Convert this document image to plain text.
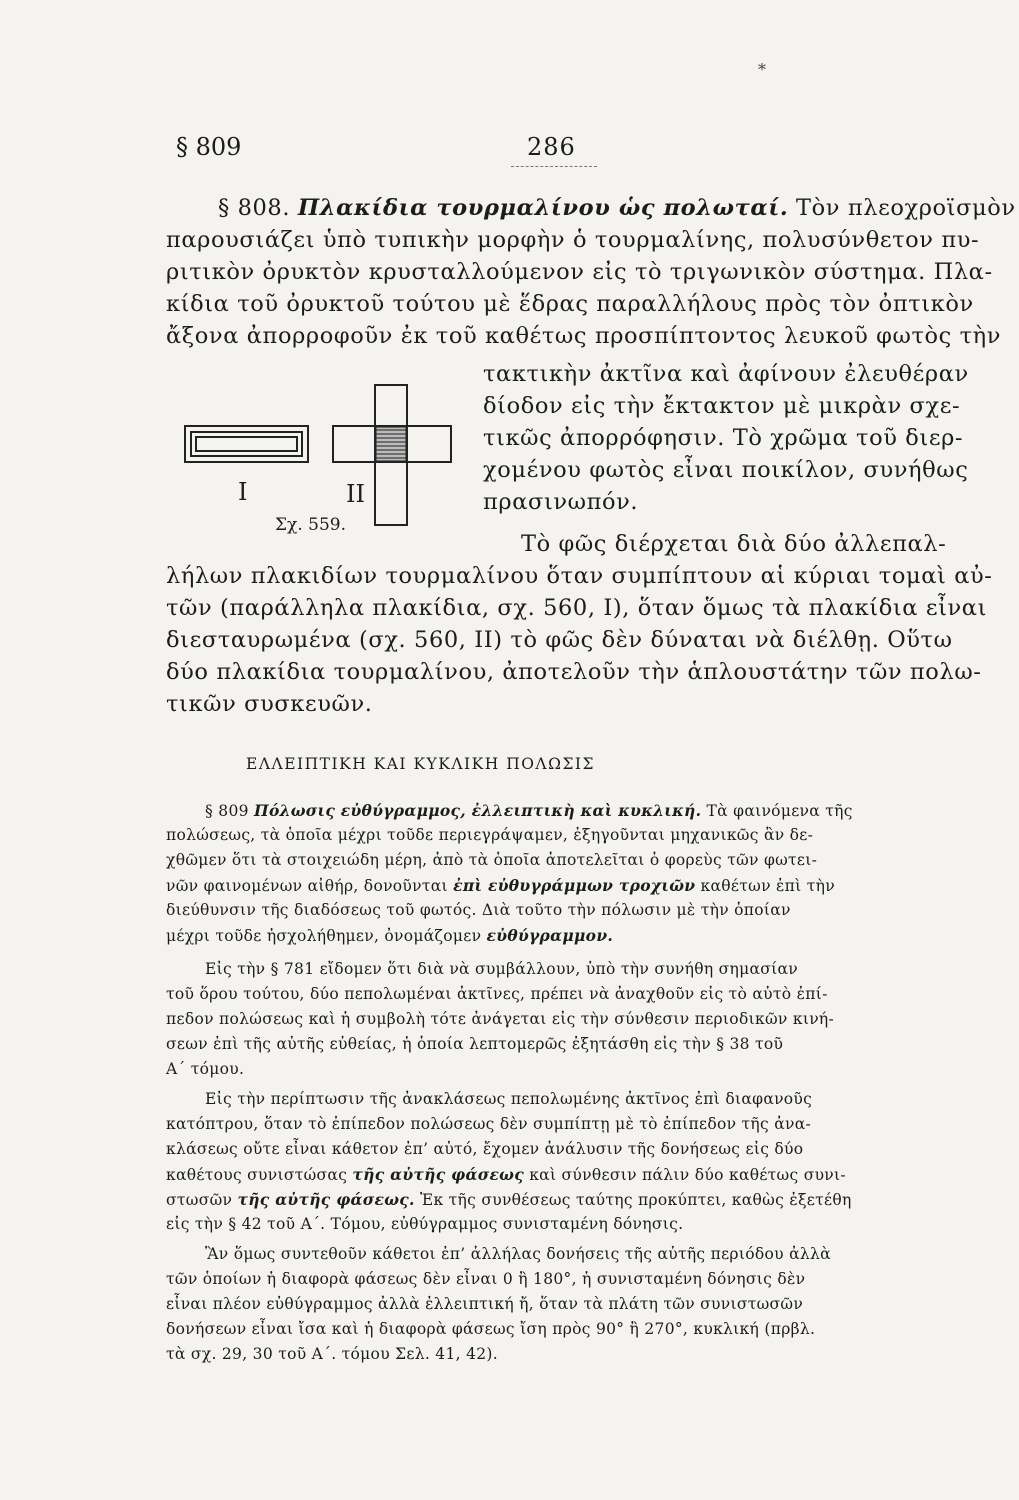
*
§ 809	286
§ 808. Πλακίδια τουρμαλίνου ὡς πολωταί. Τὸν πλεοχροϊσμὸν
παρουσιάζει ὑπὸ τυπικὴν μορφὴν ὁ τουρμαλίνης, πολυσύνθετον πυ-
ριτικὸν ὀρυκτὸν κρυσταλλούμενον εἰς τὸ τριγωνικὸν σύστημα. Πλα-
κίδια τοῦ ὀρυκτοῦ τούτου μὲ ἕδρας παραλλήλους πρὸς τὸν ὀπτικὸν
ἄξονα ἀπορροφοῦν ἐκ τοῦ καθέτως προσπίπτοντος λευκοῦ φωτὸς τὴν
τακτικὴν ἀκτῖνα καὶ ἀφίνουν ἐλευθέραν
δίοδον εἰς τὴν ἔκτακτον μὲ μικρὰν σχε-
τικῶς ἀπορρόφησιν. Τὸ χρῶμα τοῦ διερ-
χομένου φωτὸς εἶναι ποικίλον, συνήθως
πρασινωπόν.
I	II
Σχ. 559.
Τὸ φῶς διέρχεται διὰ δύο ἀλλεπαλ-
λήλων πλακιδίων τουρμαλίνου ὅταν συμπίπτουν αἱ κύριαι τομαὶ αὐ-
τῶν (παράλληλα πλακίδια, σχ. 560, I), ὅταν ὅμως τὰ πλακίδια εἶναι
διεσταυρωμένα (σχ. 560, II) τὸ φῶς δὲν δύναται νὰ διέλθῃ. Οὕτω
δύο πλακίδια τουρμαλίνου, ἀποτελοῦν τὴν ἁπλουστάτην τῶν πολω-
τικῶν συσκευῶν.
ΕΛΛΕΙΠΤΙΚΗ ΚΑΙ ΚΥΚΛΙΚΗ ΠΟΛΩΣΙΣ
§ 809 Πόλωσις εὐθύγραμμος, ἐλλειπτικὴ καὶ κυκλική. Τὰ φαινόμενα τῆς
πολώσεως, τὰ ὁποῖα μέχρι τοῦδε περιεγράψαμεν, ἐξηγοῦνται μηχανικῶς ἂν δε-
χθῶμεν ὅτι τὰ στοιχειώδη μέρη, ἀπὸ τὰ ὁποῖα ἀποτελεῖται ὁ φορεὺς τῶν φωτει-
νῶν φαινομένων αἰθήρ, δονοῦνται ἐπὶ εὐθυγράμμων τροχιῶν καθέτων ἐπὶ τὴν
διεύθυνσιν τῆς διαδόσεως τοῦ φωτός. Διὰ τοῦτο τὴν πόλωσιν μὲ τὴν ὁποίαν
μέχρι τοῦδε ἠσχολήθημεν, ὀνομάζομεν εὐθύγραμμον.
Εἰς τὴν § 781 εἴδομεν ὅτι διὰ νὰ συμβάλλουν, ὑπὸ τὴν συνήθη σημασίαν
τοῦ ὅρου τούτου, δύο πεπολωμέναι ἀκτῖνες, πρέπει νὰ ἀναχθοῦν εἰς τὸ αὐτὸ ἐπί-
πεδον πολώσεως καὶ ἡ συμβολὴ τότε ἀνάγεται εἰς τὴν σύνθεσιν περιοδικῶν κινή-
σεων ἐπὶ τῆς αὐτῆς εὐθείας, ἡ ὁποία λεπτομερῶς ἐξητάσθη εἰς τὴν § 38 τοῦ
Α΄ τόμου.
Εἰς τὴν περίπτωσιν τῆς ἀνακλάσεως πεπολωμένης ἀκτῖνος ἐπὶ διαφανοῦς
κατόπτρου, ὅταν τὸ ἐπίπεδον πολώσεως δὲν συμπίπτῃ μὲ τὸ ἐπίπεδον τῆς ἀνα-
κλάσεως οὔτε εἶναι κάθετον ἐπ’ αὐτό, ἔχομεν ἀνάλυσιν τῆς δονήσεως εἰς δύο
καθέτους συνιστώσας τῆς αὐτῆς φάσεως καὶ σύνθεσιν πάλιν δύο καθέτως συνι-
στωσῶν τῆς αὐτῆς φάσεως. Ἐκ τῆς συνθέσεως ταύτης προκύπτει, καθὼς ἐξετέθη
εἰς τὴν § 42 τοῦ Α΄. Τόμου, εὐθύγραμμος συνισταμένη δόνησις.
Ἂν ὅμως συντεθοῦν κάθετοι ἐπ’ ἀλλήλας δονήσεις τῆς αὐτῆς περιόδου ἀλλὰ
τῶν ὁποίων ἡ διαφορὰ φάσεως δὲν εἶναι 0 ἢ 180°, ἡ συνισταμένη δόνησις δὲν
εἶναι πλέον εὐθύγραμμος ἀλλὰ ἐλλειπτική ἤ, ὅταν τὰ πλάτη τῶν συνιστωσῶν
δονήσεων εἶναι ἴσα καὶ ἡ διαφορὰ φάσεως ἴση πρὸς 90° ἢ 270°, κυκλική (πρβλ.
τὰ σχ. 29, 30 τοῦ Α΄. τόμου Σελ. 41, 42).
